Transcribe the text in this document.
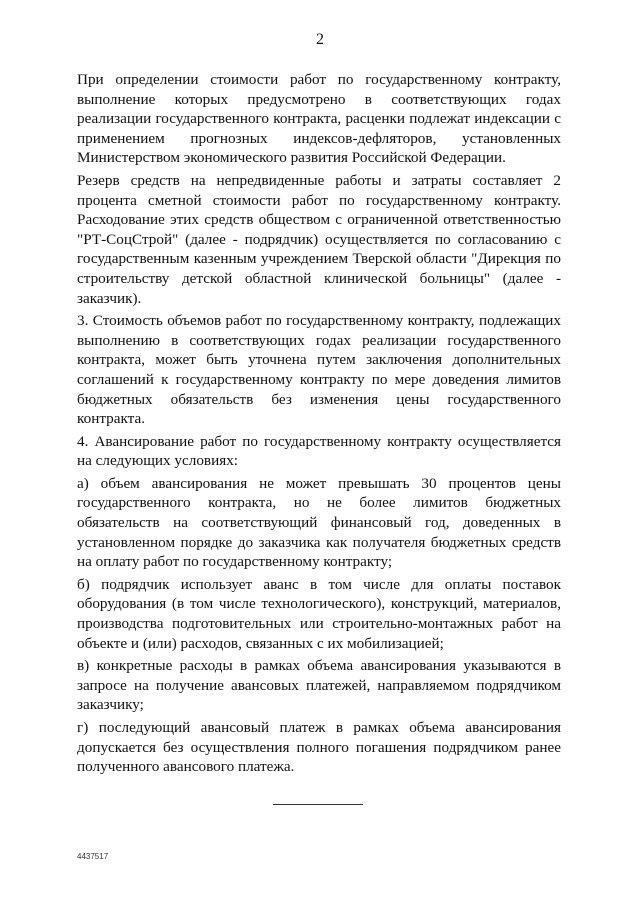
2

При определении стоимости работ по государственному контракту, выполнение которых предусмотрено в соответствующих годах реализации государственного контракта, расценки подлежат индексации с применением прогнозных индексов-дефляторов, установленных Министерством экономического развития Российской Федерации.

Резерв средств на непредвиденные работы и затраты составляет 2 процента сметной стоимости работ по государственному контракту. Расходование этих средств обществом с ограниченной ответственностью "РТ-СоцСтрой" (далее - подрядчик) осуществляется по согласованию с государственным казенным учреждением Тверской области "Дирекция по строительству детской областной клинической больницы" (далее - заказчик).

3. Стоимость объемов работ по государственному контракту, подлежащих выполнению в соответствующих годах реализации государственного контракта, может быть уточнена путем заключения дополнительных соглашений к государственному контракту по мере доведения лимитов бюджетных обязательств без изменения цены государственного контракта.

4. Авансирование работ по государственному контракту осуществляется на следующих условиях:

а) объем авансирования не может превышать 30 процентов цены государственного контракта, но не более лимитов бюджетных обязательств на соответствующий финансовый год, доведенных в установленном порядке до заказчика как получателя бюджетных средств на оплату работ по государственному контракту;

б) подрядчик использует аванс в том числе для оплаты поставок оборудования (в том числе технологического), конструкций, материалов, производства подготовительных или строительно-монтажных работ на объекте и (или) расходов, связанных с их мобилизацией;

в) конкретные расходы в рамках объема авансирования указываются в запросе на получение авансовых платежей, направляемом подрядчиком заказчику;

г) последующий авансовый платеж в рамках объема авансирования допускается без осуществления полного погашения подрядчиком ранее полученного авансового платежа.

4437517
